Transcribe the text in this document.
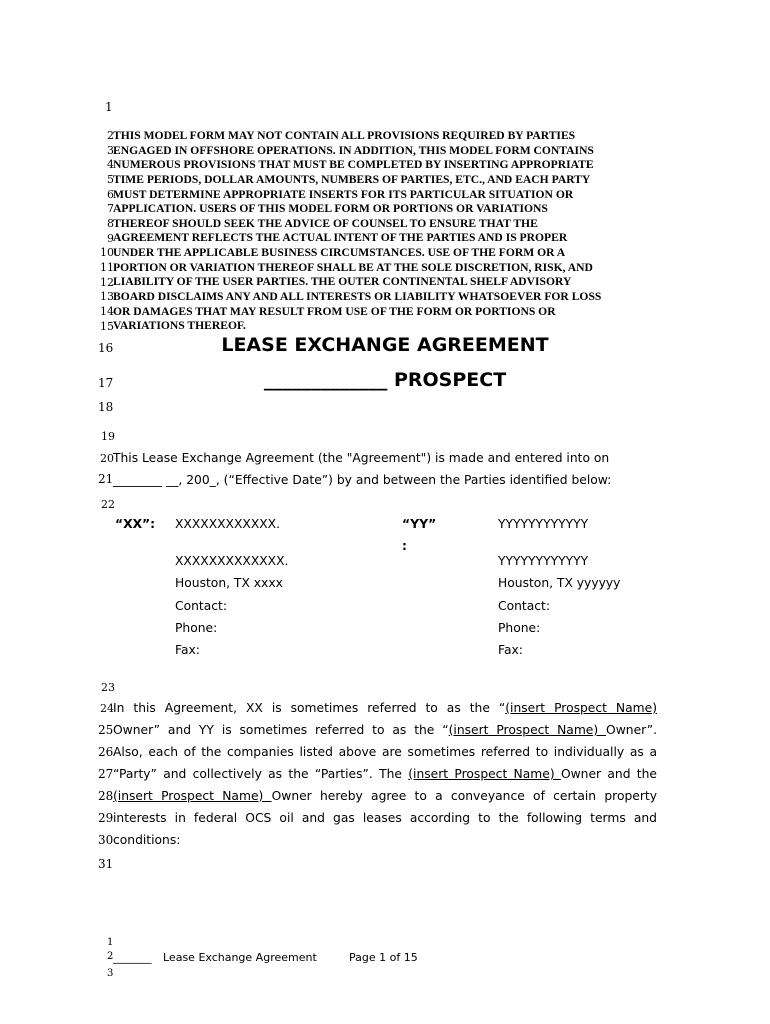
1
2
3
4
5
6
7
8
9
10
11
12
13
14
15
16
17
18
19
20
21
22
23
24
25
26
27
28
29
30
31
THIS MODEL FORM MAY NOT CONTAIN ALL PROVISIONS REQUIRED BY PARTIES
ENGAGED IN OFFSHORE OPERATIONS. IN ADDITION, THIS MODEL FORM CONTAINS
NUMEROUS PROVISIONS THAT MUST BE COMPLETED BY INSERTING APPROPRIATE
TIME PERIODS, DOLLAR AMOUNTS, NUMBERS OF PARTIES, ETC., AND EACH PARTY
MUST DETERMINE APPROPRIATE INSERTS FOR ITS PARTICULAR SITUATION OR
APPLICATION. USERS OF THIS MODEL FORM OR PORTIONS OR VARIATIONS
THEREOF SHOULD SEEK THE ADVICE OF COUNSEL TO ENSURE THAT THE
AGREEMENT REFLECTS THE ACTUAL INTENT OF THE PARTIES AND IS PROPER
UNDER THE APPLICABLE BUSINESS CIRCUMSTANCES. USE OF THE FORM OR A
PORTION OR VARIATION THEREOF SHALL BE AT THE SOLE DISCRETION, RISK, AND
LIABILITY OF THE USER PARTIES. THE OUTER CONTINENTAL SHELF ADVISORY
BOARD DISCLAIMS ANY AND ALL INTERESTS OR LIABILITY WHATSOEVER FOR LOSS
OR DAMAGES THAT MAY RESULT FROM USE OF THE FORM OR PORTIONS OR
VARIATIONS THEREOF.
LEASE EXCHANGE AGREEMENT
_____________ PROSPECT
This Lease Exchange Agreement (the "Agreement") is made and entered into on
________ __, 200_, (“Effective Date”) by and between the Parties identified below:
“XX”: XXXXXXXXXXXX.
XXXXXXXXXXXXX.
Houston, TX xxxx
Contact:
Phone:
Fax:
“YY”
:
YYYYYYYYYYYY
YYYYYYYYYYYY
Houston, TX yyyyyy
Contact:
Phone:
Fax:
In this Agreement, XX is sometimes referred to as the “(insert Prospect Name)
Owner” and YY is sometimes referred to as the “(insert Prospect Name) Owner”.
Also, each of the companies listed above are sometimes referred to individually as a
“Party” and collectively as the “Parties”. The (insert Prospect Name) Owner and the
(insert Prospect Name) Owner hereby agree to a conveyance of certain property
interests in federal OCS oil and gas leases according to the following terms and
conditions:
1
2
3
_______ Lease Exchange Agreement	Page 1 of 15
